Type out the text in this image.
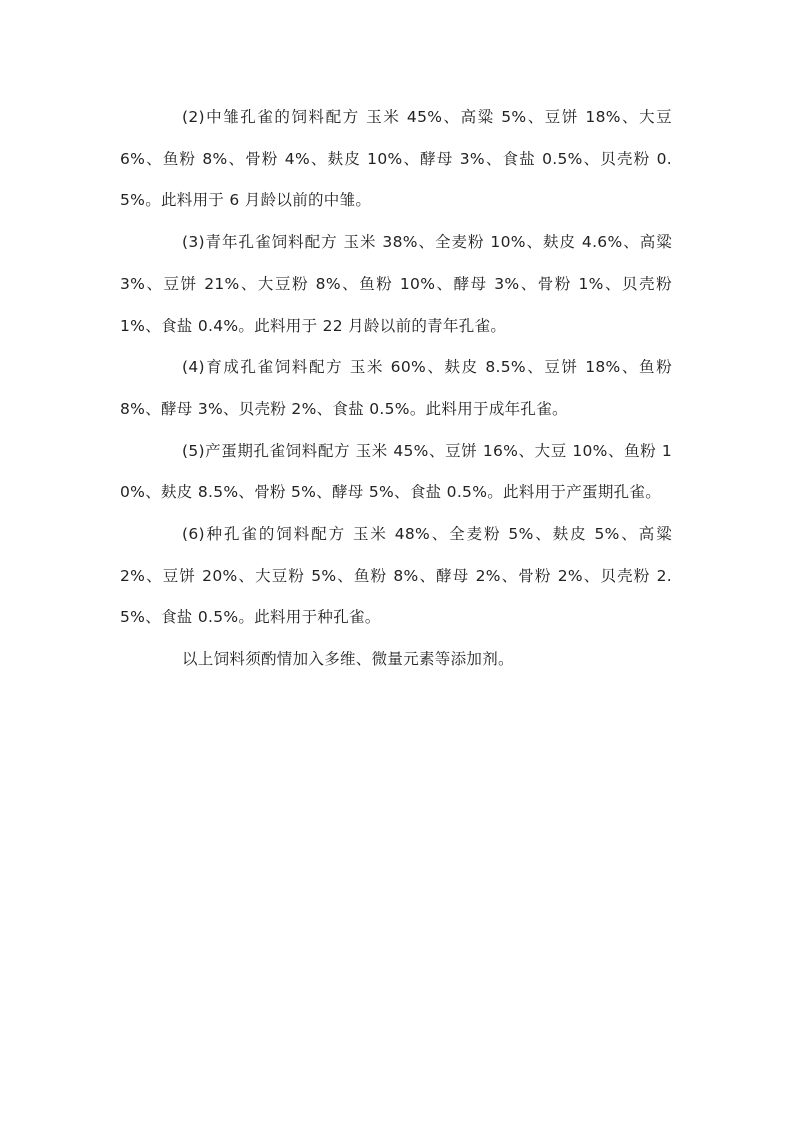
(2)中雏孔雀的饲料配方 玉米 45%、高粱 5%、豆饼 18%、大豆 6%、鱼粉 8%、骨粉 4%、麸皮 10%、酵母 3%、食盐 0.5%、贝壳粉 0.5%。此料用于 6 月龄以前的中雏。

(3)青年孔雀饲料配方 玉米 38%、全麦粉 10%、麸皮 4.6%、高粱 3%、豆饼 21%、大豆粉 8%、鱼粉 10%、酵母 3%、骨粉 1%、贝壳粉 1%、食盐 0.4%。此料用于 22 月龄以前的青年孔雀。

(4)育成孔雀饲料配方 玉米 60%、麸皮 8.5%、豆饼 18%、鱼粉 8%、酵母 3%、贝壳粉 2%、食盐 0.5%。此料用于成年孔雀。

(5)产蛋期孔雀饲料配方 玉米 45%、豆饼 16%、大豆 10%、鱼粉 10%、麸皮 8.5%、骨粉 5%、酵母 5%、食盐 0.5%。此料用于产蛋期孔雀。

(6)种孔雀的饲料配方 玉米 48%、全麦粉 5%、麸皮 5%、高粱 2%、豆饼 20%、大豆粉 5%、鱼粉 8%、酵母 2%、骨粉 2%、贝壳粉 2.5%、食盐 0.5%。此料用于种孔雀。

以上饲料须酌情加入多维、微量元素等添加剂。
